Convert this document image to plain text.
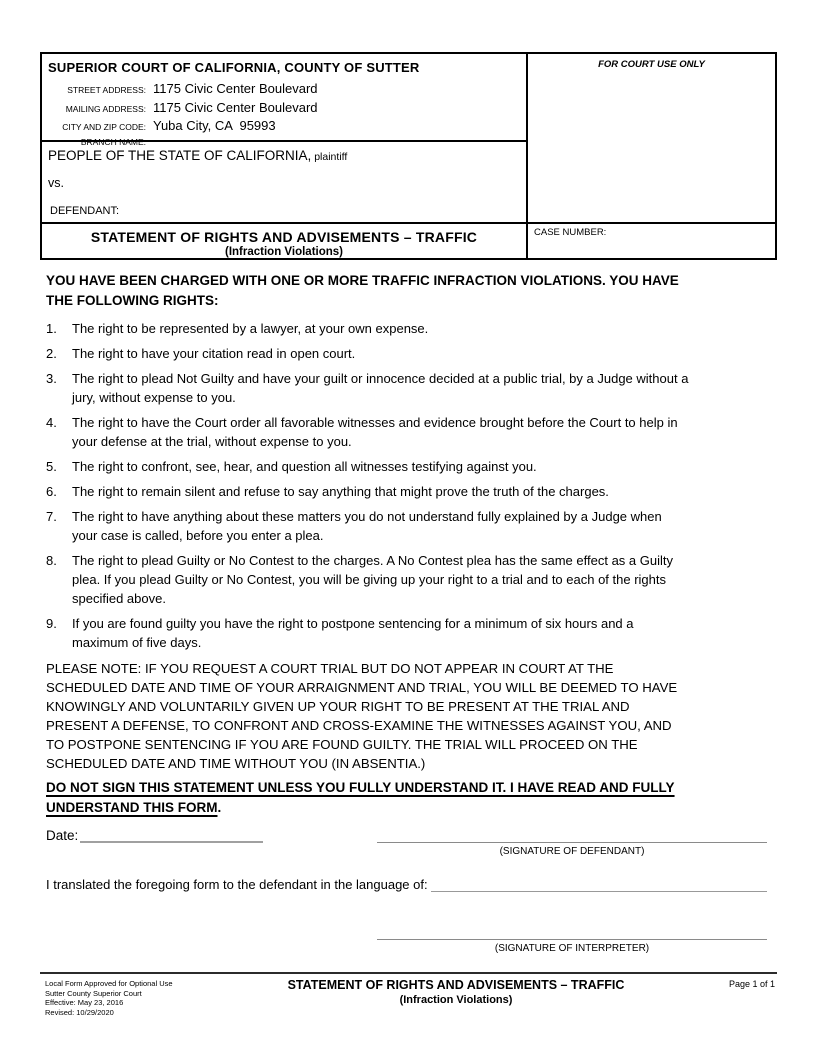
SUPERIOR COURT OF CALIFORNIA, COUNTY OF SUTTER
STREET ADDRESS: 1175 Civic Center Boulevard
MAILING ADDRESS: 1175 Civic Center Boulevard
CITY AND ZIP CODE: Yuba City, CA  95993
BRANCH NAME:
PEOPLE OF THE STATE OF CALIFORNIA, plaintiff
vs.
DEFENDANT:
STATEMENT OF RIGHTS AND ADVISEMENTS – TRAFFIC
(Infraction Violations)
FOR COURT USE ONLY
CASE NUMBER:
YOU HAVE BEEN CHARGED WITH ONE OR MORE TRAFFIC INFRACTION VIOLATIONS. YOU HAVE
THE FOLLOWING RIGHTS:
1.	The right to be represented by a lawyer, at your own expense.
2.	The right to have your citation read in open court.
3.	The right to plead Not Guilty and have your guilt or innocence decided at a public trial, by a Judge without a
jury, without expense to you.
4.	The right to have the Court order all favorable witnesses and evidence brought before the Court to help in
your defense at the trial, without expense to you.
5.	The right to confront, see, hear, and question all witnesses testifying against you.
6.	The right to remain silent and refuse to say anything that might prove the truth of the charges.
7.	The right to have anything about these matters you do not understand fully explained by a Judge when
your case is called, before you enter a plea.
8.	The right to plead Guilty or No Contest to the charges. A No Contest plea has the same effect as a Guilty
plea. If you plead Guilty or No Contest, you will be giving up your right to a trial and to each of the rights
specified above.
9.	If you are found guilty you have the right to postpone sentencing for a minimum of six hours and a
maximum of five days.
PLEASE NOTE: IF YOU REQUEST A COURT TRIAL BUT DO NOT APPEAR IN COURT AT THE
SCHEDULED DATE AND TIME OF YOUR ARRAIGNMENT AND TRIAL, YOU WILL BE DEEMED TO HAVE
KNOWINGLY AND VOLUNTARILY GIVEN UP YOUR RIGHT TO BE PRESENT AT THE TRIAL AND
PRESENT A DEFENSE, TO CONFRONT AND CROSS-EXAMINE THE WITNESSES AGAINST YOU, AND
TO POSTPONE SENTENCING IF YOU ARE FOUND GUILTY. THE TRIAL WILL PROCEED ON THE
SCHEDULED DATE AND TIME WITHOUT YOU (IN ABSENTIA.)
DO NOT SIGN THIS STATEMENT UNLESS YOU FULLY UNDERSTAND IT. I HAVE READ AND FULLY
UNDERSTAND THIS FORM.
Date:
(SIGNATURE OF DEFENDANT)
I translated the foregoing form to the defendant in the language of:
(SIGNATURE OF INTERPRETER)
Local Form Approved for Optional Use
Sutter County Superior Court
Effective: May 23, 2016
Revised: 10/29/2020
STATEMENT OF RIGHTS AND ADVISEMENTS – TRAFFIC
(Infraction Violations)
Page 1 of 1
